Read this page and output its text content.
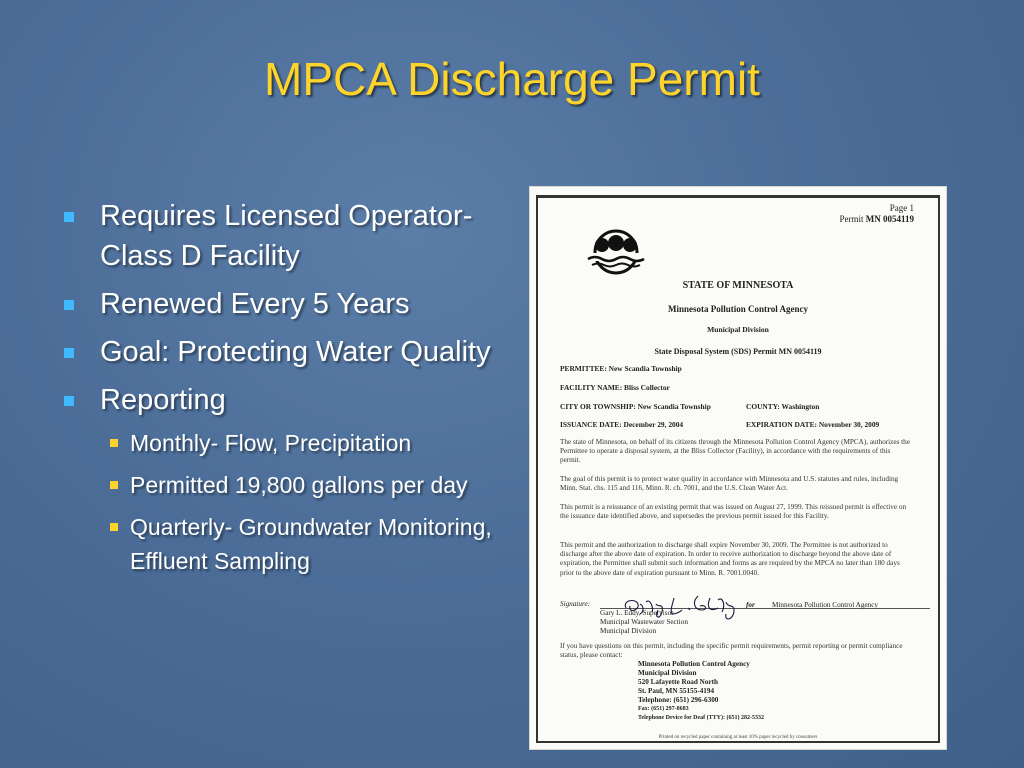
MPCA Discharge Permit
Requires Licensed Operator- Class D Facility
Renewed Every 5 Years
Goal: Protecting Water Quality
Reporting
Monthly- Flow, Precipitation
Permitted 19,800 gallons per day
Quarterly- Groundwater Monitoring, Effluent Sampling
Page 1
Permit MN 0054119
STATE OF MINNESOTA
Minnesota Pollution Control Agency
Municipal Division
State Disposal System (SDS) Permit MN 0054119
PERMITTEE: New Scandia Township
FACILITY NAME: Bliss Collector
CITY OR TOWNSHIP: New Scandia Township	COUNTY: Washington
ISSUANCE DATE: December 29, 2004	EXPIRATION DATE: November 30, 2009
The state of Minnesota, on behalf of its citizens through the Minnesota Pollution Control Agency (MPCA), authorizes the Permittee to operate a disposal system, at the Bliss Collector (Facility), in accordance with the requirements of this permit.
The goal of this permit is to protect water quality in accordance with Minnesota and U.S. statutes and rules, including Minn. Stat. chs. 115 and 116, Minn. R. ch. 7001, and the U.S. Clean Water Act.
This permit is a reissuance of an existing permit that was issued on August 27, 1999. This reissued permit is effective on the issuance date identified above, and supersedes the previous permit issued for this Facility.
This permit and the authorization to discharge shall expire November 30, 2009. The Permittee is not authorized to discharge after the above date of expiration. In order to receive authorization to discharge beyond the above date of expiration, the Permittee shall submit such information and forms as are required by the MPCA no later than 180 days prior to the above date of expiration pursuant to Minn. R. 7001.0040.
Signature:	for Minnesota Pollution Control Agency
Gary L. Eddy, Supervisor
Municipal Wastewater Section
Municipal Division
If you have questions on this permit, including the specific permit requirements, permit reporting or permit compliance status, please contact:
Minnesota Pollution Control Agency
Municipal Division
520 Lafayette Road North
St. Paul, MN 55155-4194
Telephone: (651) 296-6300
Fax: (651) 297-8683
Telephone Device for Deaf (TTY): (651) 282-5332
Printed on recycled paper containing at least 10% paper recycled by consumers
